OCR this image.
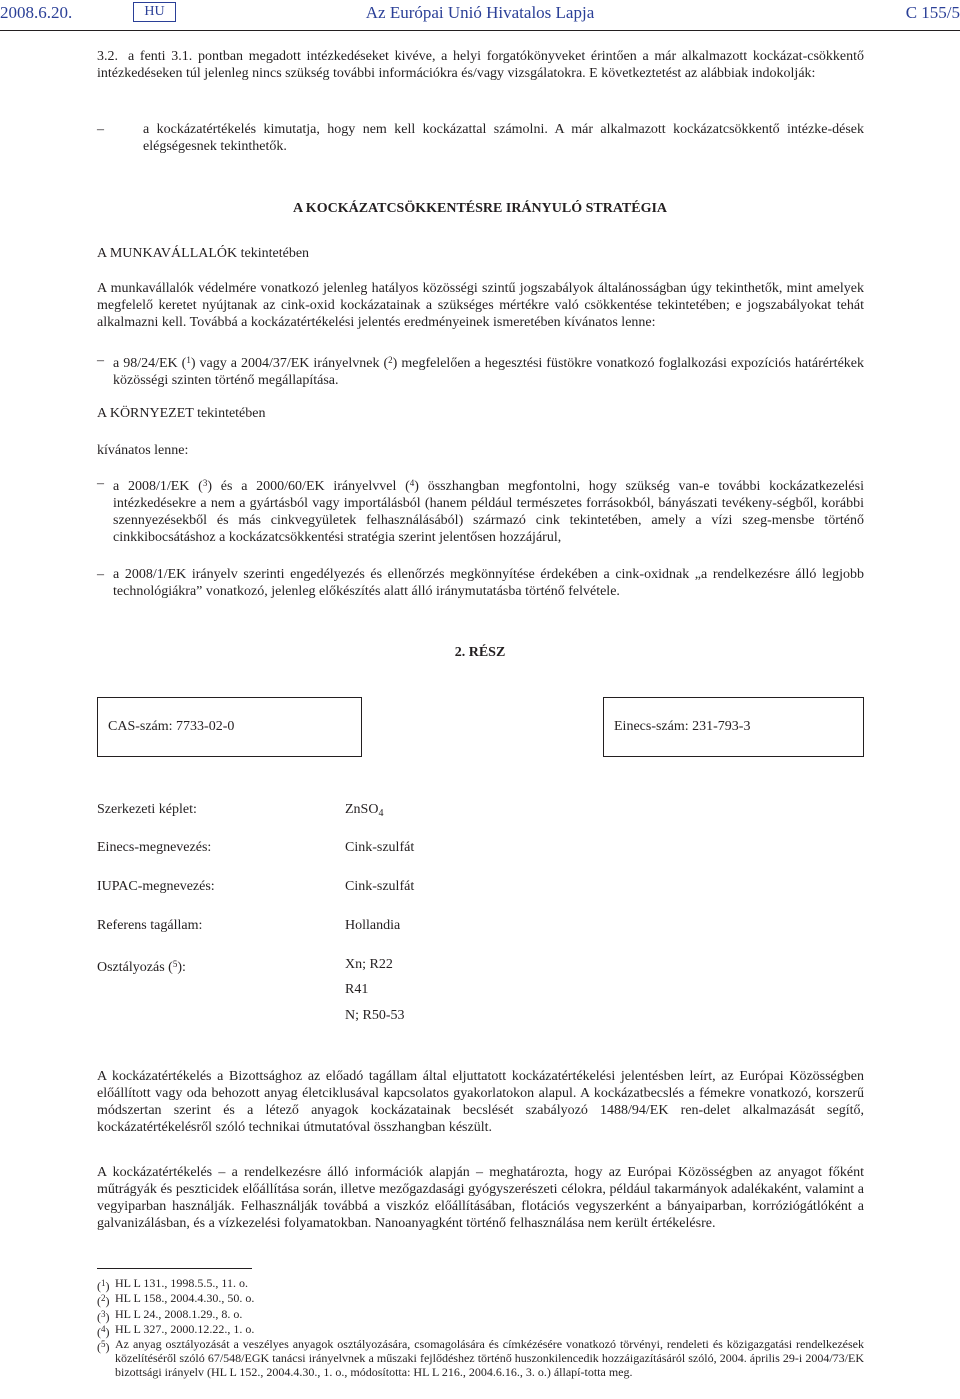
2008.6.20.	HU	Az Európai Unió Hivatalos Lapja	C 155/5
3.2. a fenti 3.1. pontban megadott intézkedéseket kivéve, a helyi forgatókönyveket érintően a már alkalmazott kockázat-csökkentő intézkedéseken túl jelenleg nincs szükség további információkra és/vagy vizsgálatokra. E következtetést az alábbiak indokolják:

–	a kockázatértékelés kimutatja, hogy nem kell kockázattal számolni. A már alkalmazott kockázatcsökkentő intézke-dések elégségesnek tekinthetők.
A KOCKÁZATCSÖKKENTÉSRE IRÁNYULÓ STRATÉGIA
A MUNKAVÁLLALÓK tekintetében

A munkavállalók védelmére vonatkozó jelenleg hatályos közösségi szintű jogszabályok általánosságban úgy tekinthetők, mint amelyek megfelelő keretet nyújtanak az cink-oxid kockázatainak a szükséges mértékre való csökkentése tekintetében; e jogszabályokat tehát alkalmazni kell. Továbbá a kockázatértékelési jelentés eredményeinek ismeretében kívánatos lenne:

– a 98/24/EK ($^1$) vagy a 2004/37/EK irányelvnek ($^2$) megfelelően a hegesztési füstökre vonatkozó foglalkozási expozíciós határértékek közösségi szinten történő megállapítása.
A KÖRNYEZET tekintetében
kívánatos lenne:
– a 2008/1/EK ($^3$) és a 2000/60/EK irányelvvel ($^4$) összhangban megfontolni, hogy szükség van-e további kockázatkezelési intézkedésekre a nem a gyártásból vagy importálásból (hanem például természetes forrásokból, bányászati tevékeny-ségből, korábbi szennyezésekből és más cinkvegyületek felhasználásából) származó cink tekintetében, amely a vízi szeg-mensbe történő cinkkibocsátáshoz a kockázatcsökkentési stratégia szerint jelentősen hozzájárul,
– a 2008/1/EK irányelv szerinti engedélyezés és ellenőrzés megkönnyítése érdekében a cink-oxidnak „a rendelkezésre álló legjobb technológiákra” vonatkozó, jelenleg előkészítés alatt álló iránymutatásba történő felvétele.
2. RÉSZ
CAS-szám: 7733-02-0	Einecs-szám: 231-793-3
Szerkezeti képlet:	ZnSO$_4$
Einecs-megnevezés:	Cink-szulfát
IUPAC-megnevezés:	Cink-szulfát
Referens tagállam:	Hollandia
Osztályozás ($^5$):	Xn; R22
R41
N; R50-53

A kockázatértékelés a Bizottsághoz az előadó tagállam által eljuttatott kockázatértékelési jelentésben leírt, az Európai Közösségben előállított vagy oda behozott anyag életciklusával kapcsolatos gyakorlatokon alapul. A kockázatbecslés a fémekre vonatkozó, korszerű módszertan szerint és a létező anyagok kockázatainak becslését szabályozó 1488/94/EK ren-delet alkalmazását segítő, kockázatértékelésről szóló technikai útmutatóval összhangban készült.

A kockázatértékelés – a rendelkezésre álló információk alapján – meghatározta, hogy az Európai Közösségben az anyagot főként műtrágyák és peszticidek előállítása során, illetve mezőgazdasági gyógyszerészeti célokra, például takarmányok adalékaként, valamint a vegyiparban használják. Felhasználják továbbá a viszkóz előállításában, flotációs vegyszerként a bányaiparban, korróziógátlóként a galvanizálásban, és a vízkezelési folyamatokban. Nanoanyagként történő felhasználása nem került értékelésre.

($^1$) HL L 131., 1998.5.5., 11. o.
($^2$) HL L 158., 2004.4.30., 50. o.
($^3$) HL L 24., 2008.1.29., 8. o.
($^4$) HL L 327., 2000.12.22., 1. o.
($^5$) Az anyag osztályozását a veszélyes anyagok osztályozására, csomagolására és címkézésére vonatkozó törvényi, rendeleti és közigazgatási rendelkezések közelítéséről szóló 67/548/EGK tanácsi irányelvnek a műszaki fejlődéshez történő huszonkilencedik hozzáigazításáról szóló, 2004. április 29-i 2004/73/EK bizottsági irányelv (HL L 152., 2004.4.30., 1. o., módosította: HL L 216., 2004.6.16., 3. o.) állapí-totta meg.
